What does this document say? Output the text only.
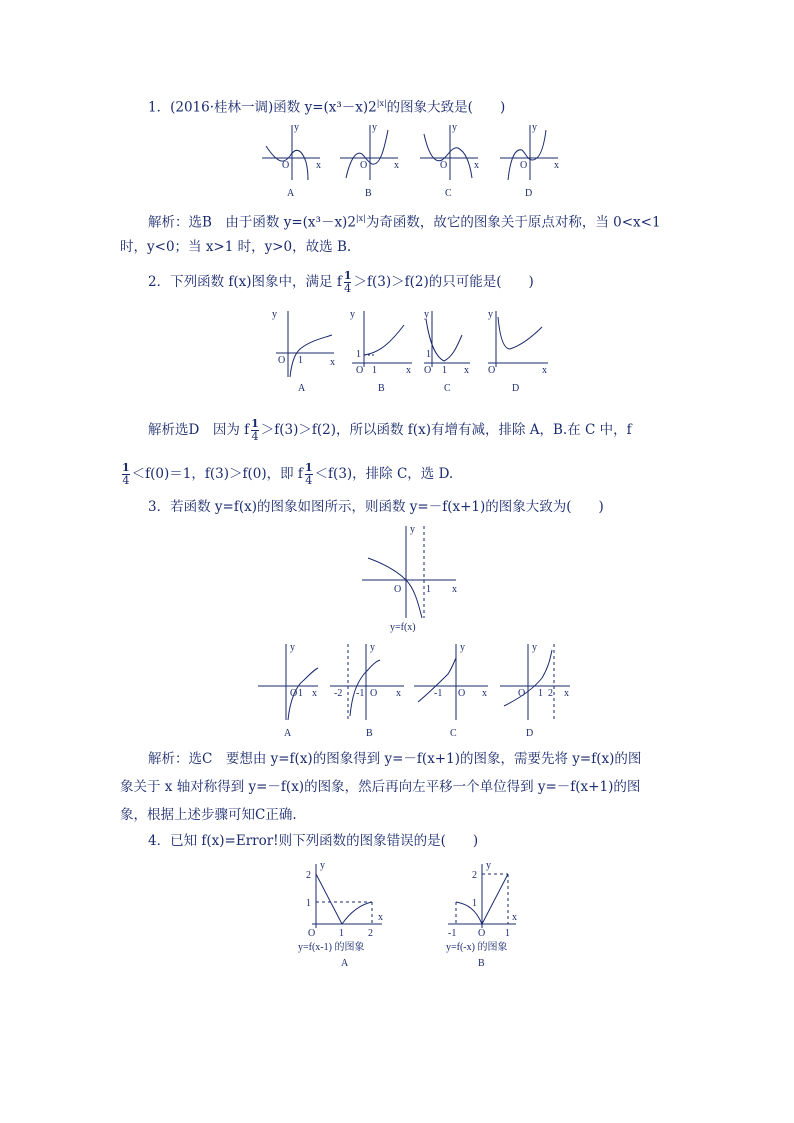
1．(2016·桂林一调)函数 $y=(x^3-x)2^{|x|}$的图象大致是(　　)
y
x
O
y
x
O
y
x
O
y
x
O
A	B	C	D
解析：选B　由于函数 $y=(x^3-x)2^{|x|}$为奇函数，故它的图象关于原点对称，当 0<x<1
时，y<0；当 x>1 时，y>0，故选 B.
2．下列函数 f(x)图象中，满足 f $\frac{1}{4} >f(3)>f(2)$的只可能是(　　)
y
x
O 1
y
x
O
1
1
y
x
O
1
1
y
x
O
A	B	C	D
解析选D　因为 f $\frac{1}{4} >f(3)>f(2)$，所以函数 f(x)有增有减，排除 A，B.在 C 中，f
$\frac{1}{4} <f(0)=1$，f(3)＞f(0)，即 f $\frac{1}{4} <f(3)$，排除 C，选 D.
3．若函数 y=f(x)的图象如图所示，则函数 y=－f(x+1)的图象大致为(　　)
y
x
O 1
y=f(x)
y
x
O 1
y
x
-2 -1 O
y
x
-1 O
y
x
O 1 2
A	B	C	D
解析：选C　要想由 y=f(x)的图象得到 y=－f(x+1)的图象，需要先将 y=f(x)的图
象关于 x 轴对称得到 y=－f(x)的图象，然后再向左平移一个单位得到 y=－f(x+1)的图
象，根据上述步骤可知C正确.
4．已知 f(x)=Error!则下列函数的图象错误的是(　　)
y
x
2
1
O 1 2
y
x
2
1
-1 O 1
y=f(x-1) 的图象	y=f(-x) 的图象
A	B
